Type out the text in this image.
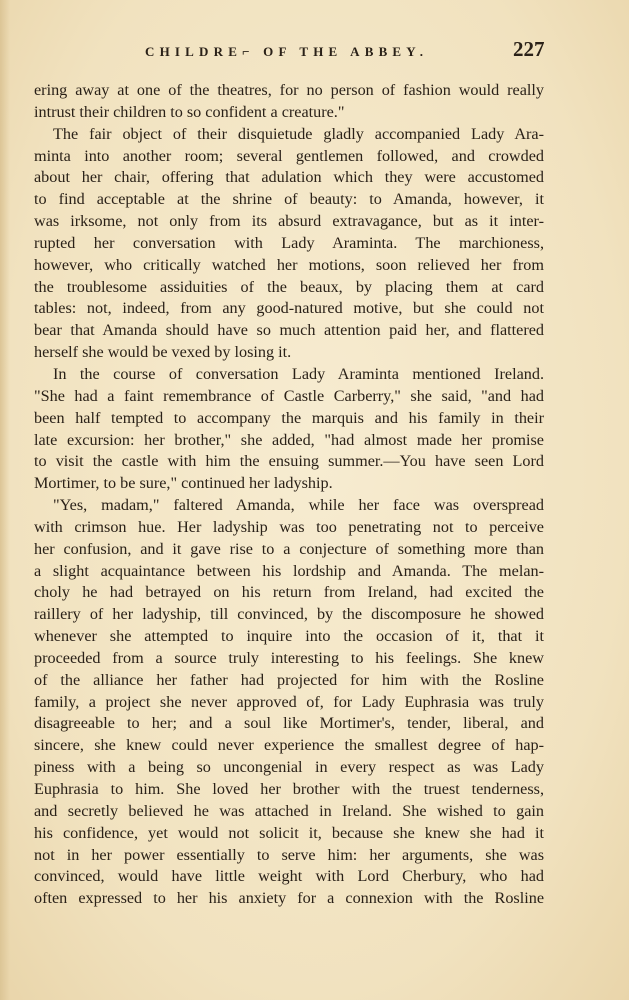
CHILDRE⌐ OF THE ABBEY.	227
ering away at one of the theatres, for no person of fashion would really
intrust their children to so confident a creature."
The fair object of their disquietude gladly accompanied Lady Ara-
minta into another room; several gentlemen followed, and crowded
about her chair, offering that adulation which they were accustomed
to find acceptable at the shrine of beauty: to Amanda, however, it
was irksome, not only from its absurd extravagance, but as it inter-
rupted her conversation with Lady Araminta. The marchioness,
however, who critically watched her motions, soon relieved her from
the troublesome assiduities of the beaux, by placing them at card
tables: not, indeed, from any good-natured motive, but she could not
bear that Amanda should have so much attention paid her, and flattered
herself she would be vexed by losing it.
In the course of conversation Lady Araminta mentioned Ireland.
"She had a faint remembrance of Castle Carberry," she said, "and had
been half tempted to accompany the marquis and his family in their
late excursion: her brother," she added, "had almost made her promise
to visit the castle with him the ensuing summer.—You have seen Lord
Mortimer, to be sure," continued her ladyship.
"Yes, madam," faltered Amanda, while her face was overspread
with crimson hue. Her ladyship was too penetrating not to perceive
her confusion, and it gave rise to a conjecture of something more than
a slight acquaintance between his lordship and Amanda. The melan-
choly he had betrayed on his return from Ireland, had excited the
raillery of her ladyship, till convinced, by the discomposure he showed
whenever she attempted to inquire into the occasion of it, that it
proceeded from a source truly interesting to his feelings. She knew
of the alliance her father had projected for him with the Rosline
family, a project she never approved of, for Lady Euphrasia was truly
disagreeable to her; and a soul like Mortimer's, tender, liberal, and
sincere, she knew could never experience the smallest degree of hap-
piness with a being so uncongenial in every respect as was Lady
Euphrasia to him. She loved her brother with the truest tenderness,
and secretly believed he was attached in Ireland. She wished to gain
his confidence, yet would not solicit it, because she knew she had it
not in her power essentially to serve him: her arguments, she was
convinced, would have little weight with Lord Cherbury, who had
often expressed to her his anxiety for a connexion with the Rosline
